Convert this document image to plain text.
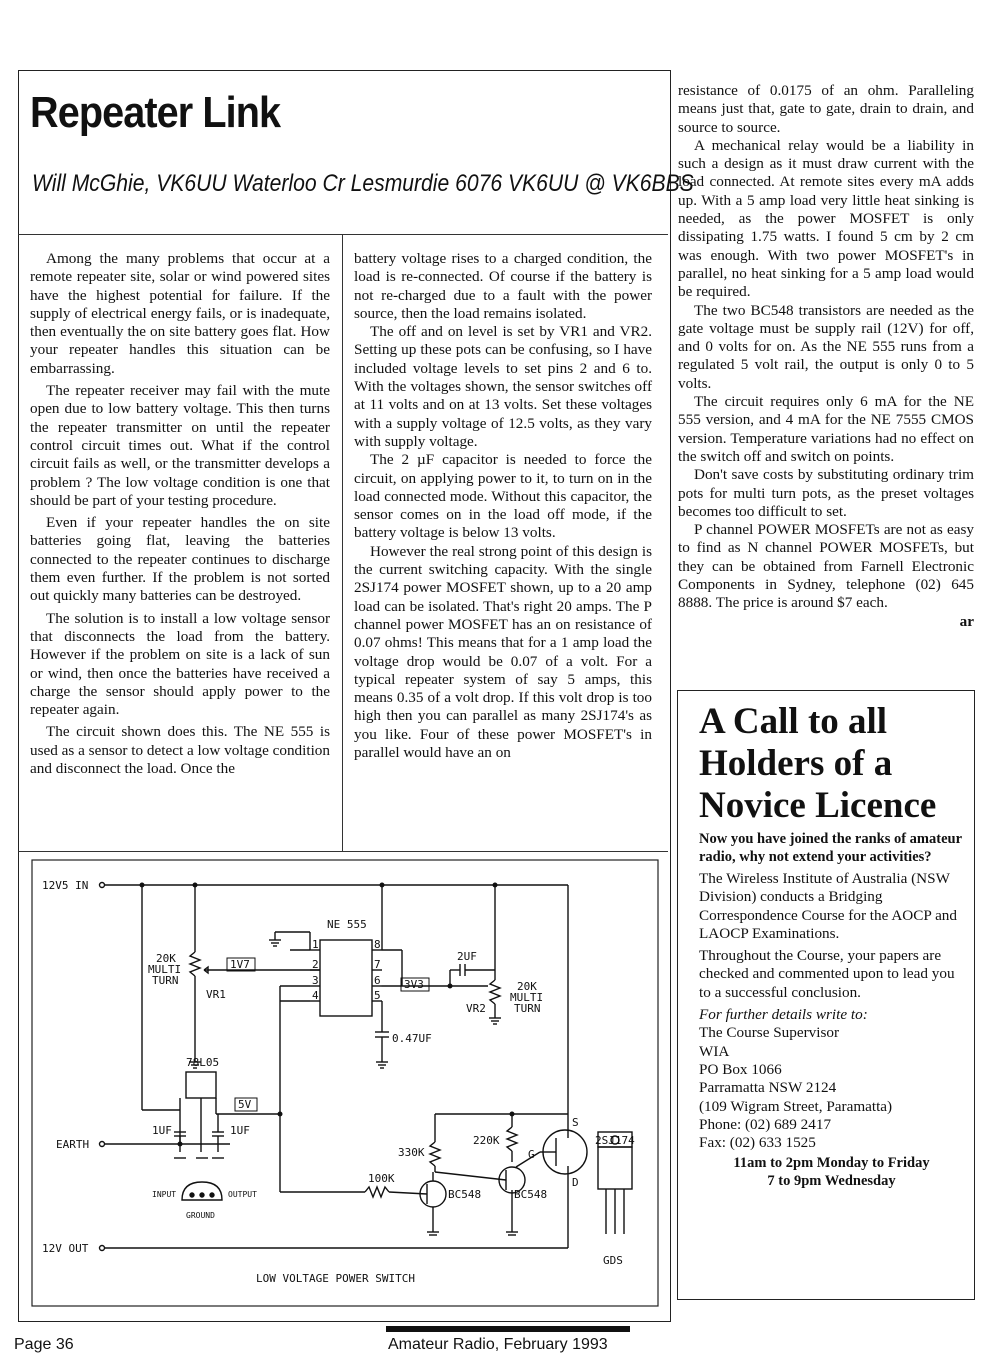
Repeater Link
Will McGhie, VK6UU Waterloo Cr Lesmurdie 6076 VK6UU @ VK6BBS

Among the many problems that occur at a remote repeater site, solar or wind powered sites have the highest potential for failure. If the supply of electrical energy fails, or is inadequate, then eventually the on site battery goes flat. How your repeater handles this situation can be embarrassing.

The repeater receiver may fail with the mute open due to low battery voltage. This then turns the repeater transmitter on until the repeater control circuit times out. What if the control circuit fails as well, or the transmitter develops a problem ? The low voltage condition is one that should be part of your testing procedure.

Even if your repeater handles the on site batteries going flat, leaving the batteries connected to the repeater continues to discharge them even further. If the problem is not sorted out quickly many batteries can be destroyed.

The solution is to install a low voltage sensor that disconnects the load from the battery. However if the problem on site is a lack of sun or wind, then once the batteries have received a charge the sensor should apply power to the repeater again.

The circuit shown does this. The NE 555 is used as a sensor to detect a low voltage condition and disconnect the load. Once the

battery voltage rises to a charged condition, the load is re-connected. Of course if the battery is not re-charged due to a fault with the power source, then the load remains isolated.

The off and on level is set by VR1 and VR2. Setting up these pots can be confusing, so I have included voltage levels to set pins 2 and 6 to. With the voltages shown, the sensor switches off at 11 volts and on at 13 volts. Set these voltages with a supply voltage of 12.5 volts, as they vary with supply voltage.

The 2 µF capacitor is needed to force the circuit, on applying power to it, to turn on in the load connected mode. Without this capacitor, the sensor comes on in the load off mode, if the battery voltage is below 13 volts.

However the real strong point of this design is the current switching capacity. With the single 2SJ174 power MOSFET shown, up to a 20 amp load can be isolated. That's right 20 amps. The P channel power MOSFET has an on resistance of 0.07 ohms! This means that for a 1 amp load the voltage drop would be 0.07 of a volt. For a typical repeater system of say 5 amps, this means 0.35 of a volt drop. If this volt drop is too high then you can parallel as many 2SJ174's as you like. Four of these power MOSFET's in parallel would have an on

resistance of 0.0175 of an ohm. Paralleling means just that, gate to gate, drain to drain, and source to source.

A mechanical relay would be a liability in such a design as it must draw current with the load connected. At remote sites every mA adds up. With a 5 amp load very little heat sinking is needed, as the power MOSFET is only dissipating 1.75 watts. I found 5 cm by 2 cm was enough. With two power MOSFET's in parallel, no heat sinking for a 5 amp load would be required.

The two BC548 transistors are needed as the gate voltage must be supply rail (12V) for off, and 0 volts for on. As the NE 555 runs from a regulated 5 volt rail, the output is only 0 to 5 volts.

The circuit requires only 6 mA for the NE 555 version, and 4 mA for the NE 7555 CMOS version. Temperature variations had no effect on the switch off and switch on points.

Don't save costs by substituting ordinary trim pots for multi turn pots, as the preset voltages becomes too difficult to set.

P channel POWER MOSFETs are not as easy to find as N channel POWER MOSFETs, but they can be obtained from Farnell Electronic Components in Sydney, telephone (02) 645 8888. The price is around $7 each.

ar
12V5 IN
EARTH
12V OUT
NE 555
20K
MULTI
TURN
VR1
1V7
3V3
2UF
20K
MULTI
TURN
VR2
0.47UF
78L05
5V
1UF	1UF
INPUT	OUTPUT
GROUND
330K
220K
100K
BC548	BC548
2SJ174
S
G
D
GDS
1
2
3
4
8
7
6
5
LOW VOLTAGE POWER SWITCH
A Call to all Holders of a Novice Licence
Now you have joined the ranks of amateur radio, why not extend your activities?
The Wireless Institute of Australia (NSW Division) conducts a Bridging Correspondence Course for the AOCP and LAOCP Examinations.
Throughout the Course, your papers are checked and commented upon to lead you to a successful conclusion.
For further details write to:
The Course Supervisor
WIA
PO Box 1066
Parramatta NSW 2124
(109 Wigram Street, Paramatta)
Phone: (02) 689 2417
Fax: (02) 633 1525
11am to 2pm Monday to Friday
7 to 9pm Wednesday
Page 36	Amateur Radio, February 1993
